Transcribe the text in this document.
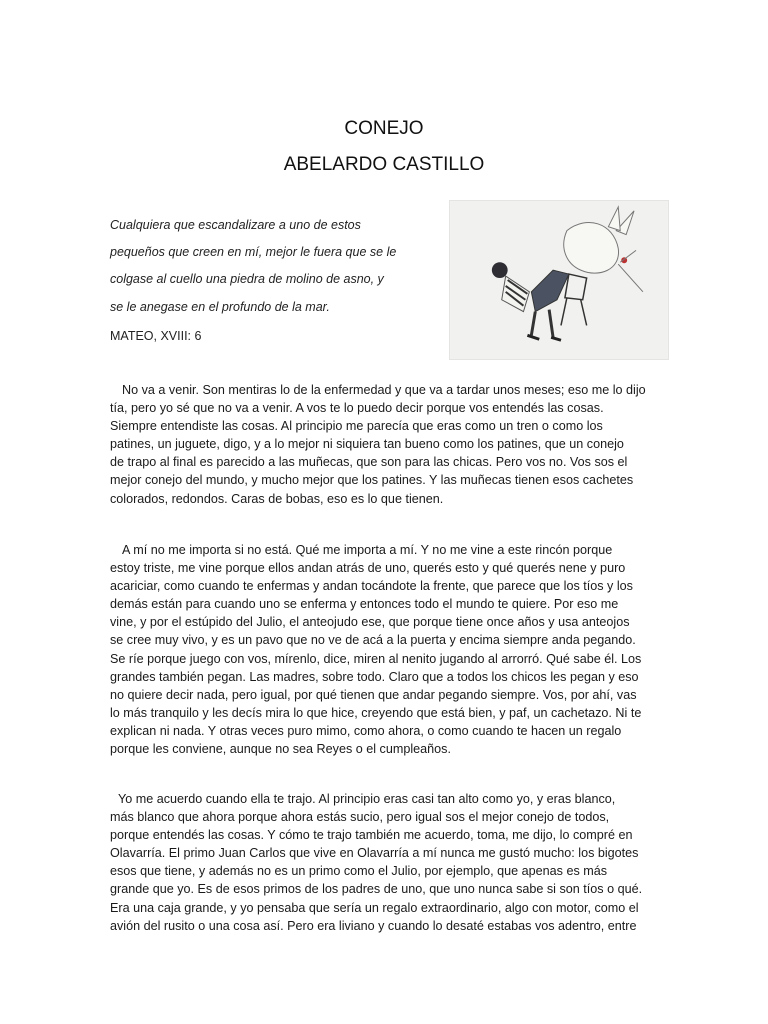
CONEJO
ABELARDO CASTILLO
Cualquiera que escandalizare a uno de estos
pequeños que creen en mí, mejor le fuera que se le
colgase al cuello una piedra de molino de asno, y
se le anegase en el profundo de la mar.
MATEO, XVIII: 6
No va a venir. Son mentiras lo de la enfermedad y que va a tardar unos meses; eso me lo dijo
tía, pero yo sé que no va a venir. A vos te lo puedo decir porque vos entendés las cosas.
Siempre entendiste las cosas. Al principio me parecía que eras como un tren o como los
patines, un juguete, digo, y a lo mejor ni siquiera tan bueno como los patines, que un conejo
de trapo al final es parecido a las muñecas, que son para las chicas. Pero vos no. Vos sos el
mejor conejo del mundo, y mucho mejor que los patines. Y las muñecas tienen esos cachetes
colorados, redondos. Caras de bobas, eso es lo que tienen.
A mí no me importa si no está. Qué me importa a mí. Y no me vine a este rincón porque
estoy triste, me vine porque ellos andan atrás de uno, querés esto y qué querés nene y puro
acariciar, como cuando te enfermas y andan tocándote la frente, que parece que los tíos y los
demás están para cuando uno se enferma y entonces todo el mundo te quiere. Por eso me
vine, y por el estúpido del Julio, el anteojudo ese, que porque tiene once años y usa anteojos
se cree muy vivo, y es un pavo que no ve de acá a la puerta y encima siempre anda pegando.
Se ríe porque juego con vos, mírenlo, dice, miren al nenito jugando al arrorró. Qué sabe él. Los
grandes también pegan. Las madres, sobre todo. Claro que a todos los chicos les pegan y eso
no quiere decir nada, pero igual, por qué tienen que andar pegando siempre. Vos, por ahí, vas
lo más tranquilo y les decís mira lo que hice, creyendo que está bien, y paf, un cachetazo. Ni te
explican ni nada. Y otras veces puro mimo, como ahora, o como cuando te hacen un regalo
porque les conviene, aunque no sea Reyes o el cumpleaños.
Yo me acuerdo cuando ella te trajo. Al principio eras casi tan alto como yo, y eras blanco,
más blanco que ahora porque ahora estás sucio, pero igual sos el mejor conejo de todos,
porque entendés las cosas. Y cómo te trajo también me acuerdo, toma, me dijo, lo compré en
Olavarría. El primo Juan Carlos que vive en Olavarría a mí nunca me gustó mucho: los bigotes
esos que tiene, y además no es un primo como el Julio, por ejemplo, que apenas es más
grande que yo. Es de esos primos de los padres de uno, que uno nunca sabe si son tíos o qué.
Era una caja grande, y yo pensaba que sería un regalo extraordinario, algo con motor, como el
avión del rusito o una cosa así. Pero era liviano y cuando lo desaté estabas vos adentro, entre
